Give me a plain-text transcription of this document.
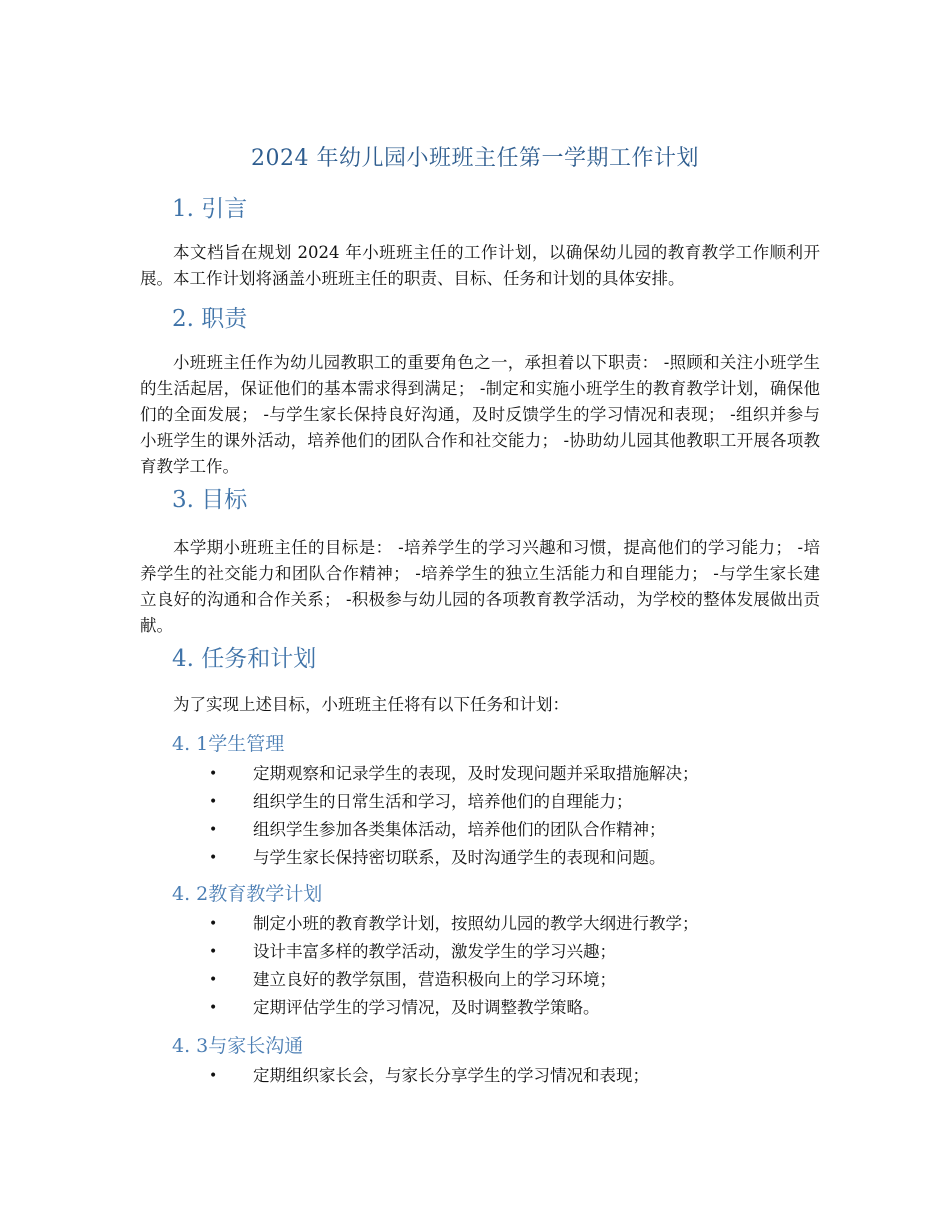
2024 年幼儿园小班班主任第一学期工作计划
1. 引言
本文档旨在规划 2024 年小班班主任的工作计划，以确保幼儿园的教育教学工作顺利开展。本工作计划将涵盖小班班主任的职责、目标、任务和计划的具体安排。
2. 职责
小班班主任作为幼儿园教职工的重要角色之一，承担着以下职责： -照顾和关注小班学生的生活起居，保证他们的基本需求得到满足； -制定和实施小班学生的教育教学计划，确保他们的全面发展； -与学生家长保持良好沟通，及时反馈学生的学习情况和表现； -组织并参与小班学生的课外活动，培养他们的团队合作和社交能力； -协助幼儿园其他教职工开展各项教育教学工作。
3. 目标
本学期小班班主任的目标是： -培养学生的学习兴趣和习惯，提高他们的学习能力； -培养学生的社交能力和团队合作精神； -培养学生的独立生活能力和自理能力； -与学生家长建立良好的沟通和合作关系； -积极参与幼儿园的各项教育教学活动，为学校的整体发展做出贡献。
4. 任务和计划
为了实现上述目标，小班班主任将有以下任务和计划：
4. 1学生管理
• 定期观察和记录学生的表现，及时发现问题并采取措施解决；
• 组织学生的日常生活和学习，培养他们的自理能力；
• 组织学生参加各类集体活动，培养他们的团队合作精神；
• 与学生家长保持密切联系，及时沟通学生的表现和问题。
4. 2教育教学计划
• 制定小班的教育教学计划，按照幼儿园的教学大纲进行教学；
• 设计丰富多样的教学活动，激发学生的学习兴趣；
• 建立良好的教学氛围，营造积极向上的学习环境；
• 定期评估学生的学习情况，及时调整教学策略。
4. 3与家长沟通
• 定期组织家长会，与家长分享学生的学习情况和表现；
